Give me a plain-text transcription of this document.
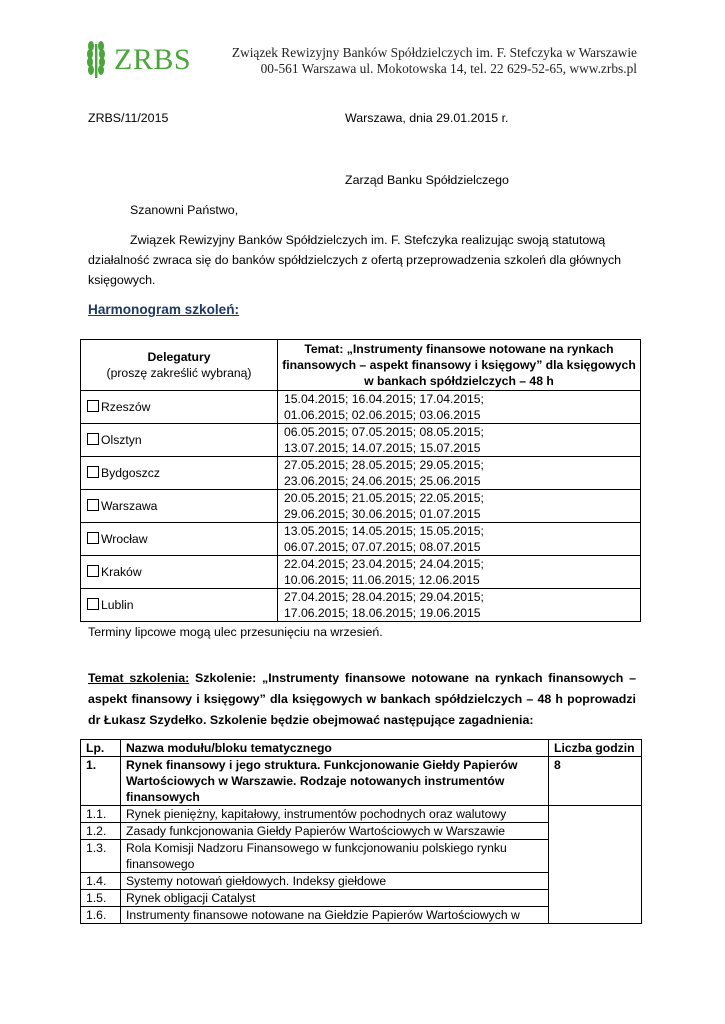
ZRBS	Związek Rewizyjny Banków Spółdzielczych im. F. Stefczyka w Warszawie
00-561 Warszawa ul. Mokotowska 14, tel. 22 629-52-65, www.zrbs.pl
ZRBS/11/2015	Warszawa, dnia 29.01.2015 r.
Zarząd Banku Spółdzielczego
Szanowni Państwo,
Związek Rewizyjny Banków Spółdzielczych im. F. Stefczyka realizując swoją statutową działalność zwraca się do banków spółdzielczych z ofertą przeprowadzenia szkoleń dla głównych księgowych.
Harmonogram szkoleń:
Delegatury
(proszę zakreślić wybraną)	Temat: „Instrumenty finansowe notowane na rynkach finansowych – aspekt finansowy i księgowy” dla księgowych w bankach spółdzielczych – 48 h
Rzeszów	15.04.2015; 16.04.2015; 17.04.2015;
01.06.2015; 02.06.2015; 03.06.2015

Olsztyn	06.05.2015; 07.05.2015; 08.05.2015;
13.07.2015; 14.07.2015; 15.07.2015

Bydgoszcz	27.05.2015; 28.05.2015; 29.05.2015;
23.06.2015; 24.06.2015; 25.06.2015

Warszawa	20.05.2015; 21.05.2015; 22.05.2015;
29.06.2015; 30.06.2015; 01.07.2015

Wrocław	13.05.2015; 14.05.2015; 15.05.2015;
06.07.2015; 07.07.2015; 08.07.2015

Kraków	22.04.2015; 23.04.2015; 24.04.2015;
10.06.2015; 11.06.2015; 12.06.2015

Lublin	27.04.2015; 28.04.2015; 29.04.2015;
17.06.2015; 18.06.2015; 19.06.2015
Terminy lipcowe mogą ulec przesunięciu na wrzesień.
Temat szkolenia: Szkolenie: „Instrumenty finansowe notowane na rynkach finansowych – aspekt finansowy i księgowy” dla księgowych w bankach spółdzielczych – 48 h poprowadzi dr Łukasz Szydełko. Szkolenie będzie obejmować następujące zagadnienia:
Lp.	Nazwa modułu/bloku tematycznego	Liczba godzin
1.	Rynek finansowy i jego struktura. Funkcjonowanie Giełdy Papierów Wartościowych w Warszawie. Rodzaje notowanych instrumentów finansowych	8
1.1.	Rynek pieniężny, kapitałowy, instrumentów pochodnych oraz walutowy	
1.2.	Zasady funkcjonowania Giełdy Papierów Wartościowych w Warszawie	
1.3.	Rola Komisji Nadzoru Finansowego w funkcjonowaniu polskiego rynku finansowego	
1.4.	Systemy notowań giełdowych. Indeksy giełdowe	
1.5.	Rynek obligacji Catalyst	
1.6.	Instrumenty finansowe notowane na Giełdzie Papierów Wartościowych w	
